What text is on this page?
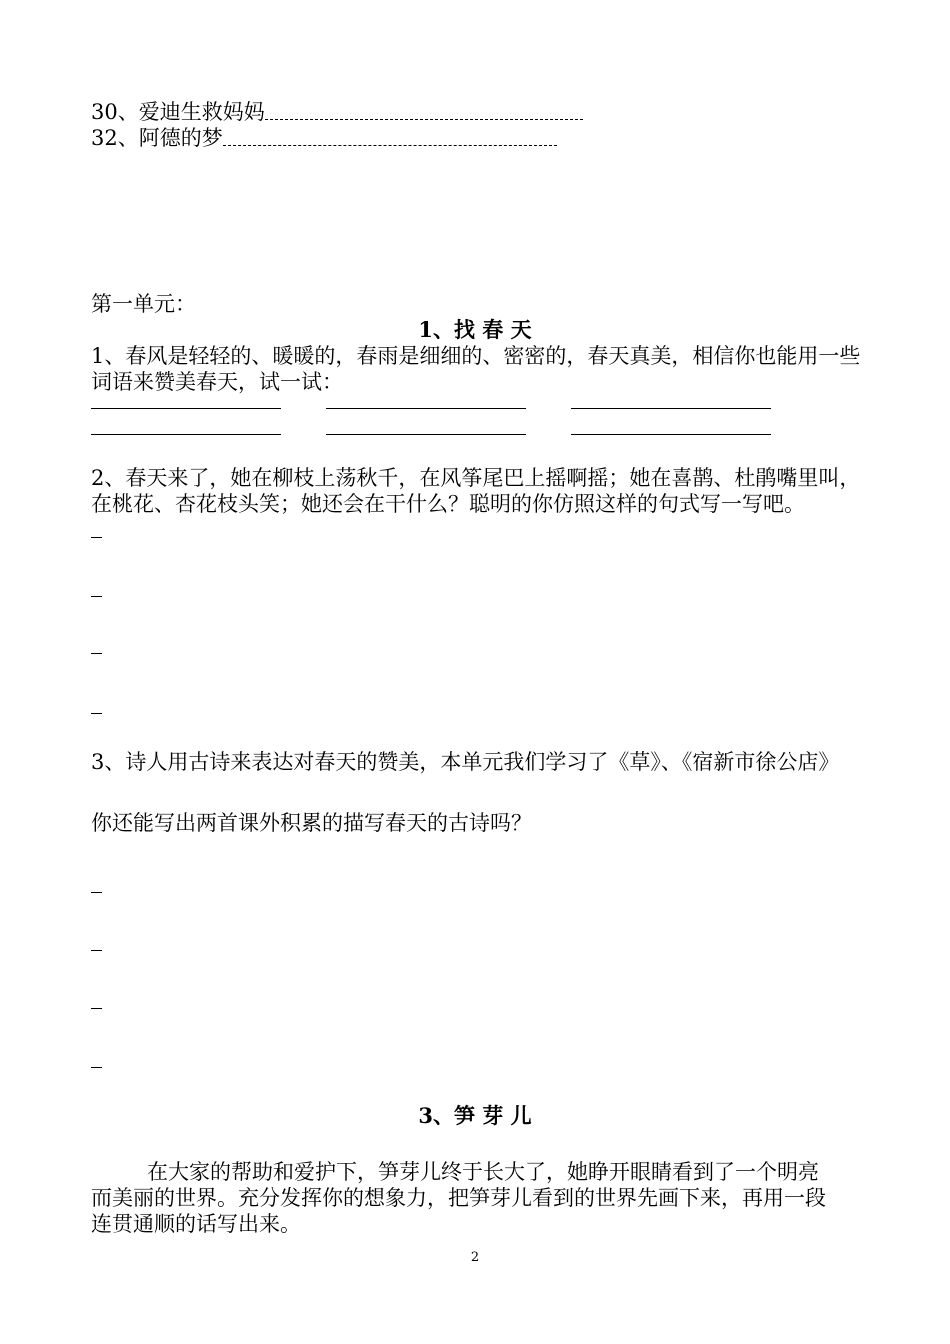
30、爱迪生救妈妈
32、阿德的梦
第一单元：
1、找 春 天
1、春风是轻轻的、暖暖的，春雨是细细的、密密的，春天真美，相信你也能用一些
词语来赞美春天，试一试：
2、春天来了，她在柳枝上荡秋千，在风筝尾巴上摇啊摇；她在喜鹊、杜鹃嘴里叫，
在桃花、杏花枝头笑；她还会在干什么？聪明的你仿照这样的句式写一写吧。
3、诗人用古诗来表达对春天的赞美，本单元我们学习了《草》、《宿新市徐公店》
你还能写出两首课外积累的描写春天的古诗吗？
3、笋 芽 儿
在大家的帮助和爱护下，笋芽儿终于长大了，她睁开眼睛看到了一个明亮
而美丽的世界。充分发挥你的想象力，把笋芽儿看到的世界先画下来，再用一段
连贯通顺的话写出来。
2
